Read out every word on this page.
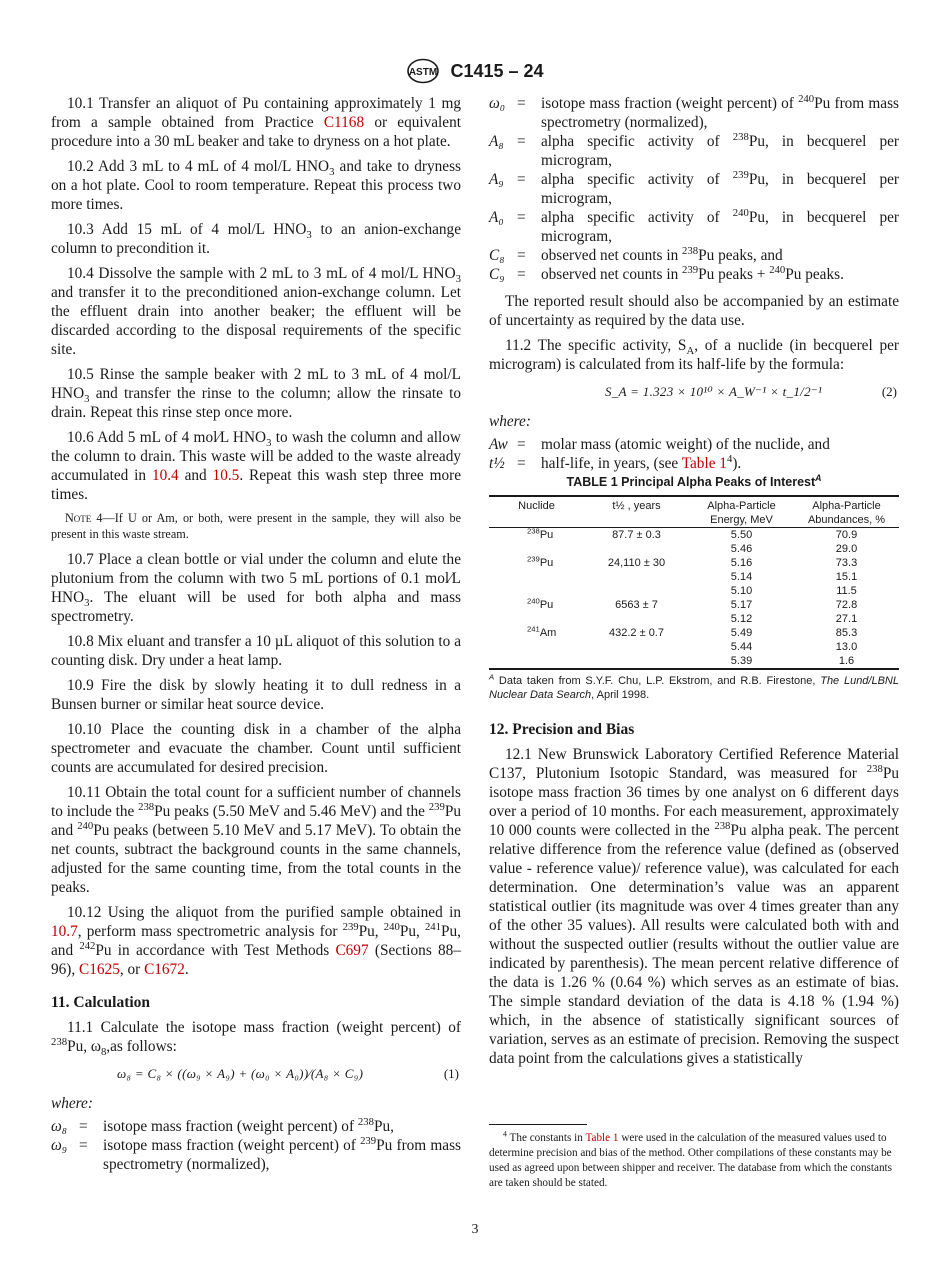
ASTM C1415 – 24

10.1 Transfer an aliquot of Pu containing approximately 1 mg from a sample obtained from Practice C1168 or equivalent procedure into a 30 mL beaker and take to dryness on a hot plate.

10.2 Add 3 mL to 4 mL of 4 mol/L $HNO_3$ and take to dryness on a hot plate. Cool to room temperature. Repeat this process two more times.

10.3 Add 15 mL of 4 mol/L $HNO_3$ to an anion-exchange column to precondition it.

10.4 Dissolve the sample with 2 mL to 3 mL of 4 mol/L $HNO_3$ and transfer it to the preconditioned anion-exchange column. Let the effluent drain into another beaker; the effluent will be discarded according to the disposal requirements of the specific site.

10.5 Rinse the sample beaker with 2 mL to 3 mL of 4 mol/L $HNO_3$ and transfer the rinse to the column; allow the rinsate to drain. Repeat this rinse step once more.

10.6 Add 5 mL of 4 mol⁄L $HNO_3$ to wash the column and allow the column to drain. This waste will be added to the waste already accumulated in 10.4 and 10.5. Repeat this wash step three more times.

Note 4—If U or Am, or both, were present in the sample, they will also be present in this waste stream.

10.7 Place a clean bottle or vial under the column and elute the plutonium from the column with two 5 mL portions of 0.1 mol⁄L $HNO_3$. The eluant will be used for both alpha and mass spectrometry.

10.8 Mix eluant and transfer a 10 µL aliquot of this solution to a counting disk. Dry under a heat lamp.

10.9 Fire the disk by slowly heating it to dull redness in a Bunsen burner or similar heat source device.

10.10 Place the counting disk in a chamber of the alpha spectrometer and evacuate the chamber. Count until sufficient counts are accumulated for desired precision.

10.11 Obtain the total count for a sufficient number of channels to include the $^{238}$Pu peaks (5.50 MeV and 5.46 MeV) and the $^{239}$Pu and $^{240}$Pu peaks (between 5.10 MeV and 5.17 MeV). To obtain the net counts, subtract the background counts in the same channels, adjusted for the same counting time, from the total counts in the peaks.

10.12 Using the aliquot from the purified sample obtained in 10.7, perform mass spectrometric analysis for $^{239}$Pu, $^{240}$Pu, $^{241}$Pu, and $^{242}$Pu in accordance with Test Methods C697 (Sections 88–96), C1625, or C1672.

11. Calculation

11.1 Calculate the isotope mass fraction (weight percent) of $^{238}$Pu, $\omega_8,as$ follows:

ω₈ = C₈ × ((ω₉ × A₉) + (ω₀ × A₀))⁄(A₈ × C₉)	(1)

where:

ω₈ = isotope mass fraction (weight percent) of $^{238}$Pu,

ω₉ = isotope mass fraction (weight percent) of $^{239}$Pu from mass spectrometry (normalized),

ω₀ = isotope mass fraction (weight percent) of $^{240}$Pu from mass spectrometry (normalized),

A₈ = alpha specific activity of $^{238}$Pu, in becquerel per microgram,

A₉ = alpha specific activity of $^{239}$Pu, in becquerel per microgram,

A₀ = alpha specific activity of $^{240}$Pu, in becquerel per microgram,

C₈ = observed net counts in $^{238}$Pu peaks, and

C₉ = observed net counts in $^{239}$Pu peaks + $^{240}$Pu peaks.

The reported result should also be accompanied by an estimate of uncertainty as required by the data use.

11.2 The specific activity, $S_A$, of a nuclide (in becquerel per microgram) is calculated from its half-life by the formula:

S_A = 1.323 × 10¹⁰ × A_W⁻¹ × t_1/2⁻¹	(2)

where:

Aw = molar mass (atomic weight) of the nuclide, and

t½ = half-life, in years, (see Table $1^4$).

TABLE 1 Principal Alpha Peaks of Interest$^A$

Nuclide	t½ , years	Alpha-Particle Energy, MeV	Alpha-Particle Abundances, %
$^{238}$Pu	87.7 ± 0.3	5.50	70.9
		5.46	29.0
$^{239}$Pu	24,110 ± 30	5.16	73.3
		5.14	15.1
		5.10	11.5
$^{240}$Pu	6563 ± 7	5.17	72.8
		5.12	27.1
$^{241}$Am	432.2 ± 0.7	5.49	85.3
		5.44	13.0
		5.39	1.6

$^A$ Data taken from S.Y.F. Chu, L.P. Ekstrom, and R.B. Firestone, The Lund/LBNL Nuclear Data Search, April 1998.

12. Precision and Bias

12.1 New Brunswick Laboratory Certified Reference Material C137, Plutonium Isotopic Standard, was measured for $^{238}$Pu isotope mass fraction 36 times by one analyst on 6 different days over a period of 10 months. For each measurement, approximately 10 000 counts were collected in the $^{238}$Pu alpha peak. The percent relative difference from the reference value (defined as (observed value - reference value)/ reference value), was calculated for each determination. One determination’s value was an apparent statistical outlier (its magnitude was over 4 times greater than any of the other 35 values). All results were calculated both with and without the suspected outlier (results without the outlier value are indicated by parenthesis). The mean percent relative difference of the data is 1.26 % (0.64 %) which serves as an estimate of bias. The simple standard deviation of the data is 4.18 % (1.94 %) which, in the absence of statistically significant sources of variation, serves as an estimate of precision. Removing the suspect data point from the calculations gives a statistically

$^4$ The constants in Table 1 were used in the calculation of the measured values used to determine precision and bias of the method. Other compilations of these constants may be used as agreed upon between shipper and receiver. The database from which the constants are taken should be stated.

3
